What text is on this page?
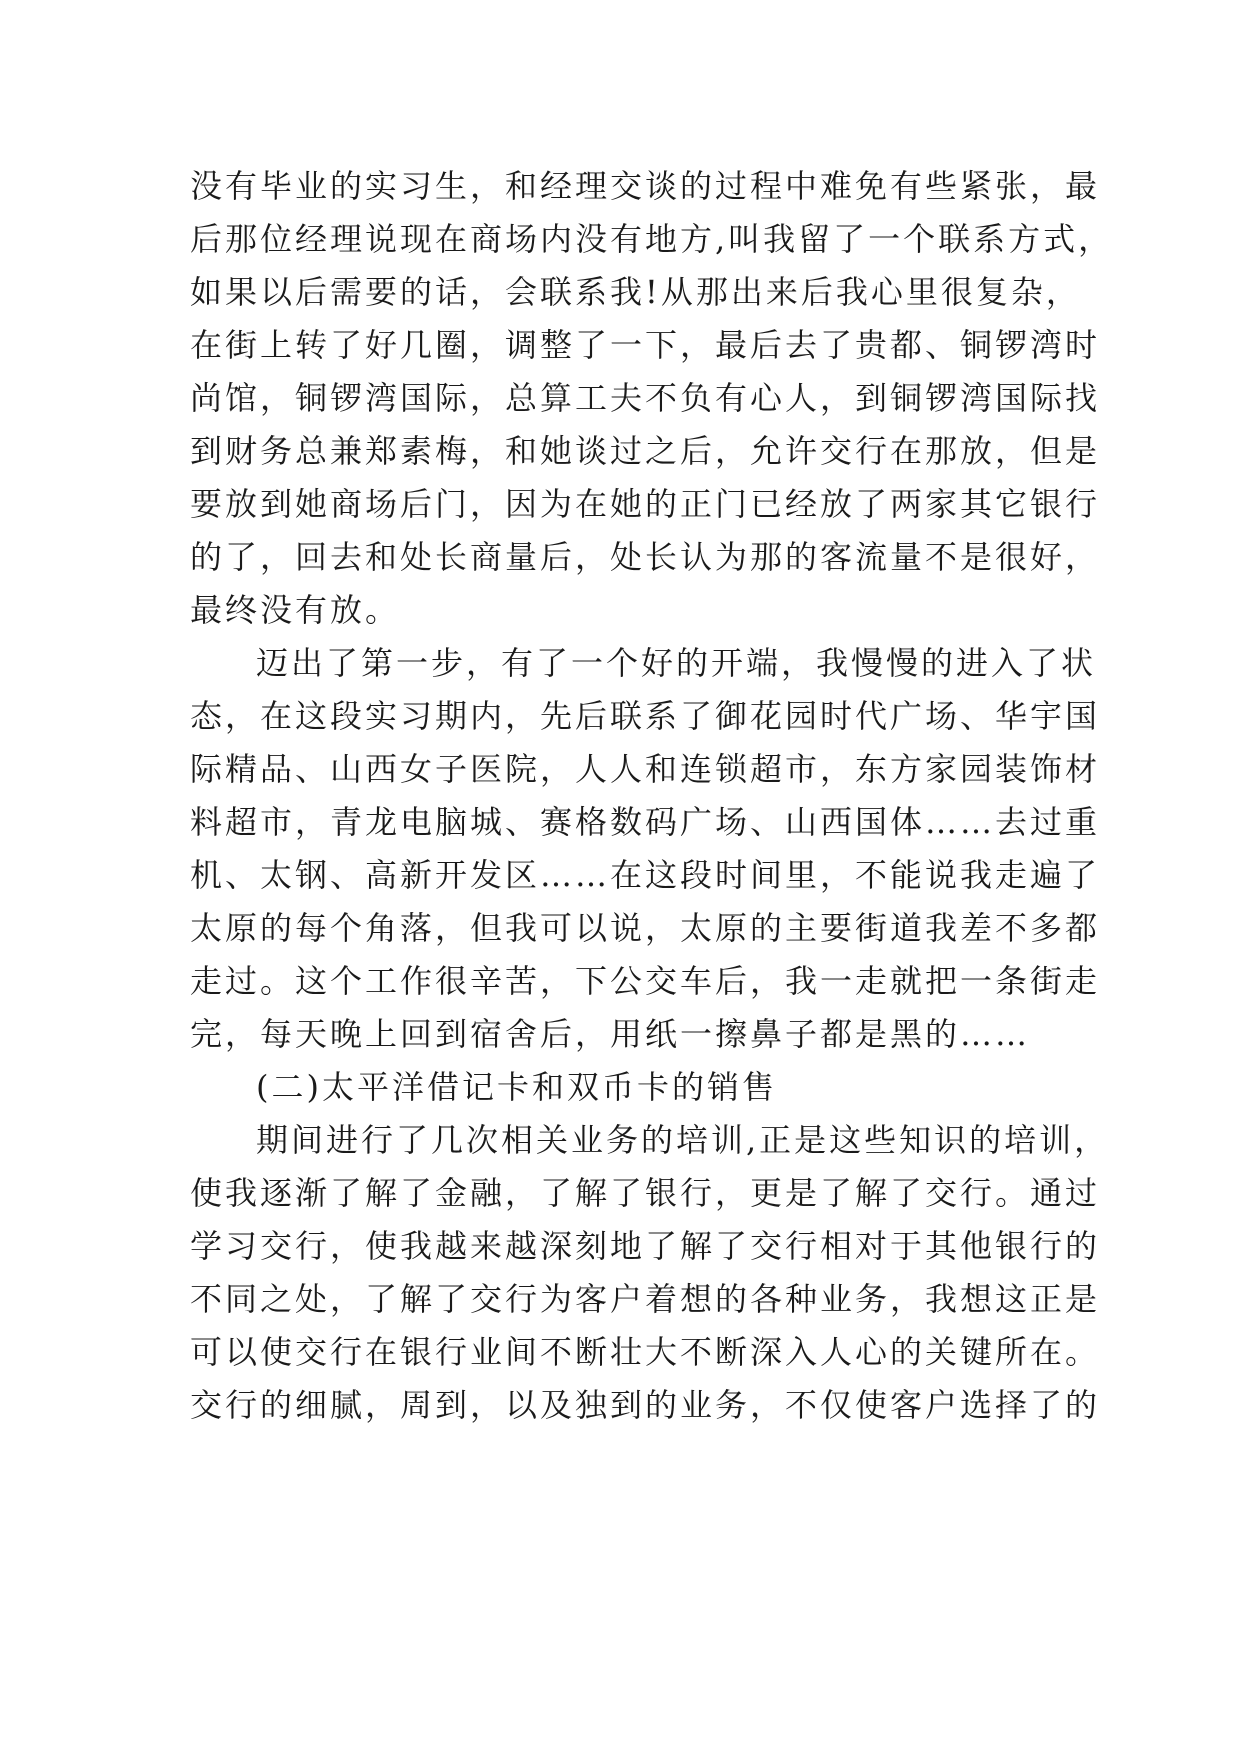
没有毕业的实习生，和经理交谈的过程中难免有些紧张，最
后那位经理说现在商场内没有地方,叫我留了一个联系方式，
如果以后需要的话，会联系我!从那出来后我心里很复杂，
在街上转了好几圈，调整了一下，最后去了贵都、铜锣湾时
尚馆，铜锣湾国际，总算工夫不负有心人，到铜锣湾国际找
到财务总兼郑素梅，和她谈过之后，允许交行在那放，但是
要放到她商场后门，因为在她的正门已经放了两家其它银行
的了，回去和处长商量后，处长认为那的客流量不是很好，
最终没有放。
迈出了第一步，有了一个好的开端，我慢慢的进入了状
态，在这段实习期内，先后联系了御花园时代广场、华宇国
际精品、山西女子医院，人人和连锁超市，东方家园装饰材
料超市，青龙电脑城、赛格数码广场、山西国体……去过重
机、太钢、高新开发区……在这段时间里，不能说我走遍了
太原的每个角落，但我可以说，太原的主要街道我差不多都
走过。这个工作很辛苦，下公交车后，我一走就把一条街走
完，每天晚上回到宿舍后，用纸一擦鼻子都是黑的……
(二)太平洋借记卡和双币卡的销售
期间进行了几次相关业务的培训,正是这些知识的培训，
使我逐渐了解了金融，了解了银行，更是了解了交行。通过
学习交行，使我越来越深刻地了解了交行相对于其他银行的
不同之处，了解了交行为客户着想的各种业务，我想这正是
可以使交行在银行业间不断壮大不断深入人心的关键所在。
交行的细腻，周到，以及独到的业务，不仅使客户选择了的
